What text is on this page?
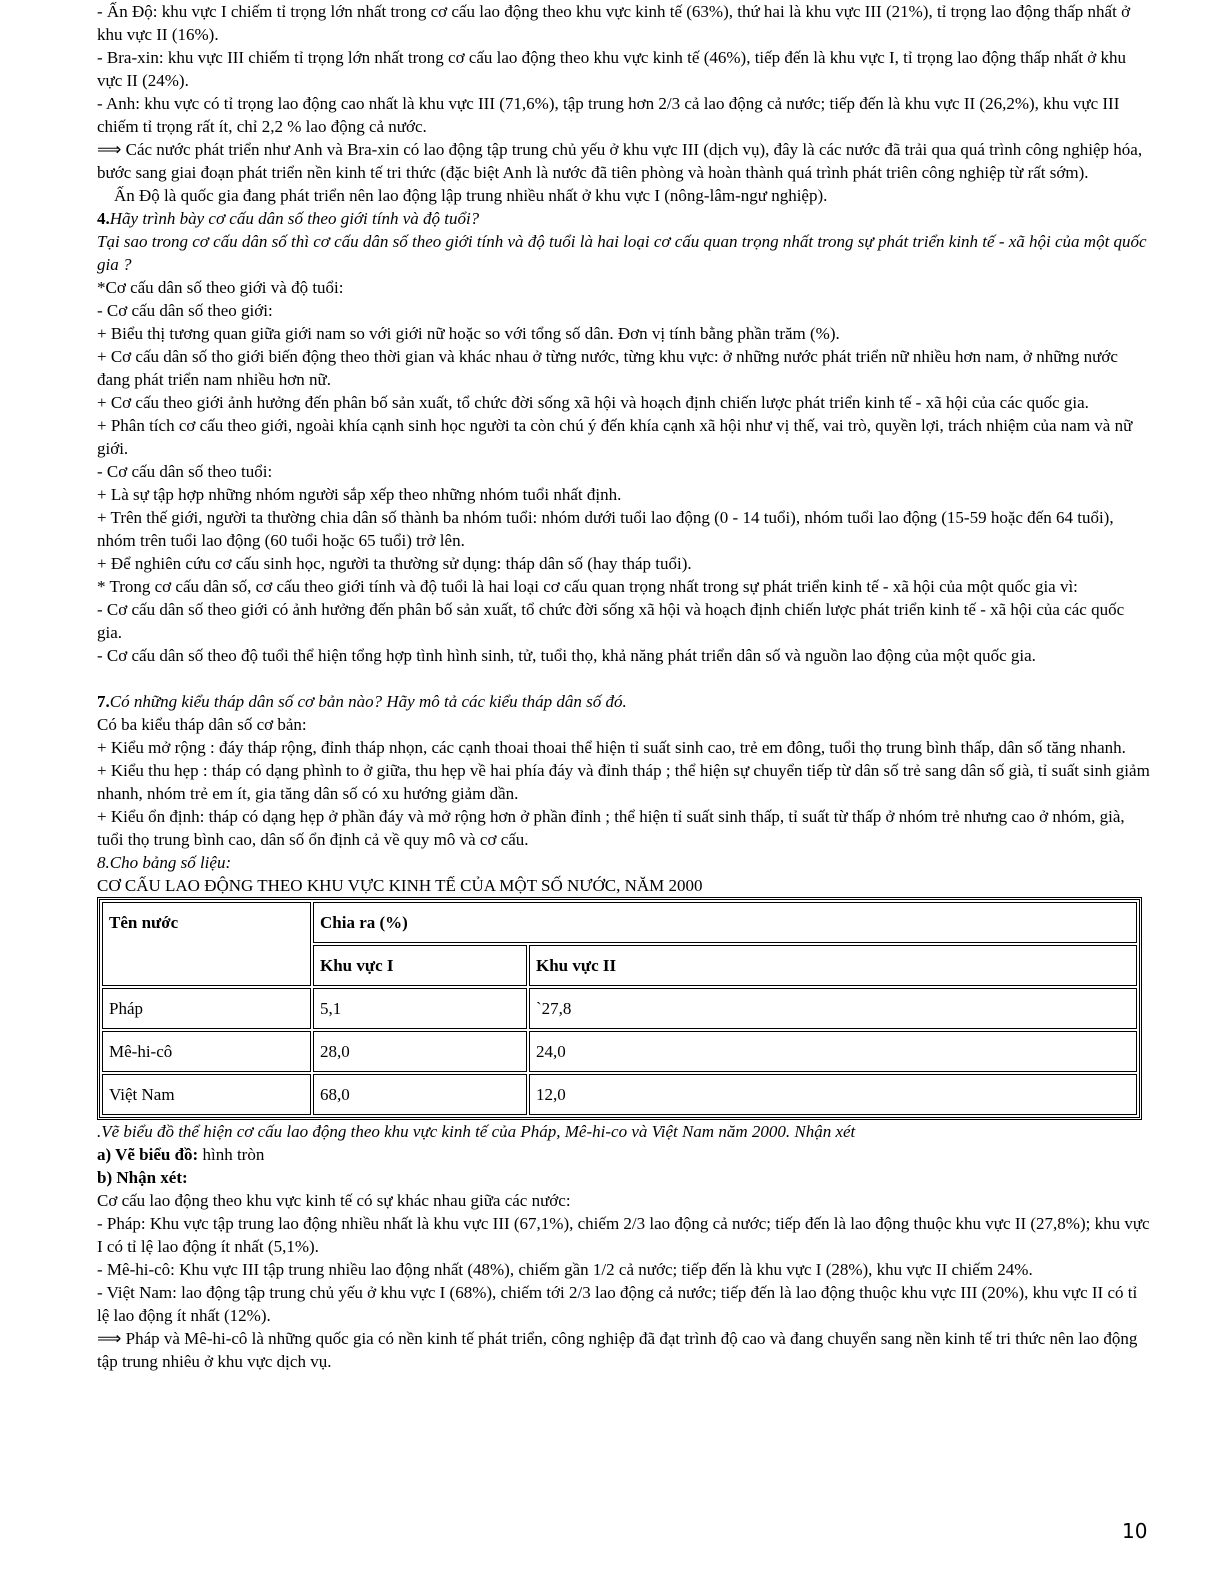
- Ấn Độ: khu vực I chiếm tỉ trọng lớn nhất trong cơ cấu lao động theo khu vực kinh tế (63%), thứ hai là khu vực III (21%), tỉ trọng lao động thấp nhất ở khu vực II (16%).

- Bra-xin: khu vực III chiếm tỉ trọng lớn nhất trong cơ cấu lao động theo khu vực kinh tế (46%), tiếp đến là khu vực I, tỉ trọng lao động thấp nhất ở khu vực II (24%).

- Anh: khu vực có tỉ trọng lao động cao nhất là khu vực III (71,6%), tập trung hơn 2/3 cả lao động cả nước; tiếp đến là khu vực II (26,2%), khu vực III chiếm tỉ trọng rất ít, chỉ 2,2 % lao động cả nước.

⟹ Các nước phát triển như Anh và Bra-xin có lao động tập trung chủ yếu ở khu vực III (dịch vụ), đây là các nước đã trải qua quá trình công nghiệp hóa, bước sang giai đoạn phát triển nền kinh tế tri thức (đặc biệt Anh là nước đã tiên phòng và hoàn thành quá trình phát triên công nghiệp từ rất sớm).

Ấn Độ là quốc gia đang phát triển nên lao động lập trung nhiều nhất ở khu vực I (nông-lâm-ngư nghiệp).

4.Hãy trình bày cơ cấu dân số theo giới tính và độ tuổi?

Tại sao trong cơ cấu dân số thì cơ cấu dân số theo giới tính và độ tuổi là hai loại cơ cấu quan trọng nhất trong sự phát triển kinh tế - xã hội của một quốc gia ?

*Cơ cấu dân số theo giới và độ tuổi:

- Cơ cấu dân số theo giới:

+ Biểu thị tương quan giữa giới nam so với giới nữ hoặc so với tổng số dân. Đơn vị tính bằng phần trăm (%).

+ Cơ cấu dân số tho giới biến động theo thời gian và khác nhau ở từng nước, từng khu vực: ở những nước phát triển nữ nhiều hơn nam, ở những nước đang phát triển nam nhiều hơn nữ.

+ Cơ cấu theo giới ảnh hưởng đến phân bố sản xuất, tổ chức đời sống xã hội và hoạch định chiến lược phát triển kinh tế - xã hội của các quốc gia.

+ Phân tích cơ cấu theo giới, ngoài khía cạnh sinh học người ta còn chú ý đến khía cạnh xã hội như vị thế, vai trò, quyền lợi, trách nhiệm của nam và nữ giới.

- Cơ cấu dân số theo tuổi:

+ Là sự tập hợp những nhóm người sắp xếp theo những nhóm tuổi nhất định.

+ Trên thế giới, người ta thường chia dân số thành ba nhóm tuổi: nhóm dưới tuổi lao động (0 - 14 tuổi), nhóm tuổi lao động (15-59 hoặc đến 64 tuổi), nhóm trên tuổi lao động (60 tuổi hoặc 65 tuổi) trở lên.

+ Để nghiên cứu cơ cấu sinh học, người ta thường sử dụng: tháp dân số (hay tháp tuổi).

* Trong cơ cấu dân số, cơ cấu theo giới tính và độ tuổi là hai loại cơ cấu quan trọng nhất trong sự phát triển kinh tế - xã hội của một quốc gia vì:

- Cơ cấu dân số theo giới có ảnh hưởng đến phân bố sản xuất, tổ chức đời sống xã hội và hoạch định chiến lược phát triển kinh tế - xã hội của các quốc gia.

- Cơ cấu dân số theo độ tuổi thể hiện tổng hợp tình hình sinh, tử, tuổi thọ, khả năng phát triển dân số và nguồn lao động của một quốc gia.

7.Có những kiểu tháp dân số cơ bản nào? Hãy mô tả các kiểu tháp dân số đó.

Có ba kiểu tháp dân số cơ bản:

+ Kiểu mở rộng : đáy tháp rộng, đỉnh tháp nhọn, các cạnh thoai thoai thể hiện tỉ suất sinh cao, trẻ em đông, tuổi thọ trung bình thấp, dân số tăng nhanh.

+ Kiểu thu hẹp : tháp có dạng phình to ở giữa, thu hẹp về hai phía đáy và đỉnh tháp ; thể hiện sự chuyển tiếp từ dân số trẻ sang dân số già, tỉ suất sinh giảm nhanh, nhóm trẻ em ít, gia tăng dân số có xu hướng giảm dần.

+ Kiểu ổn định: tháp có dạng hẹp ở phần đáy và mở rộng hơn ở phần đỉnh ; thể hiện tỉ suất sinh thấp, tỉ suất từ thấp ở nhóm trẻ nhưng cao ở nhóm, già, tuổi thọ trung bình cao, dân số ổn định cả về quy mô và cơ cấu.

8.Cho bảng số liệu:

CƠ CẤU LAO ĐỘNG THEO KHU VỰC KINH TẾ CỦA MỘT SỐ NƯỚC, NĂM 2000

Tên nước	Chia ra (%)	
	Khu vực I	Khu vực II
Pháp	5,1	`27,8
Mê-hi-cô	28,0	24,0
Việt Nam	68,0	12,0

.Vẽ biểu đồ thể hiện cơ cấu lao động theo khu vực kinh tế của Pháp, Mê-hi-co và Việt Nam năm 2000. Nhận xét

a) Vẽ biểu đồ: hình tròn

b) Nhận xét:

Cơ cấu lao động theo khu vực kinh tế có sự khác nhau giữa các nước:

- Pháp: Khu vực tập trung lao động nhiều nhất là khu vực III (67,1%), chiếm 2/3 lao động cả nước; tiếp đến là lao động thuộc khu vực II (27,8%); khu vực I có tỉ lệ lao động ít nhất (5,1%).

- Mê-hi-cô: Khu vực III tập trung nhiều lao động nhất (48%), chiếm gần 1/2 cả nước; tiếp đến là khu vực I (28%), khu vực II chiếm 24%.

- Việt Nam: lao động tập trung chủ yếu ở khu vực I (68%), chiếm tới 2/3 lao động cả nước; tiếp đến là lao động thuộc khu vực III (20%), khu vực II có tỉ lệ lao động ít nhất (12%).

⟹ Pháp và Mê-hi-cô là những quốc gia có nền kinh tế phát triển, công nghiệp đã đạt trình độ cao và đang chuyển sang nền kinh tế tri thức nên lao động tập trung nhiêu ở khu vực dịch vụ.

10
